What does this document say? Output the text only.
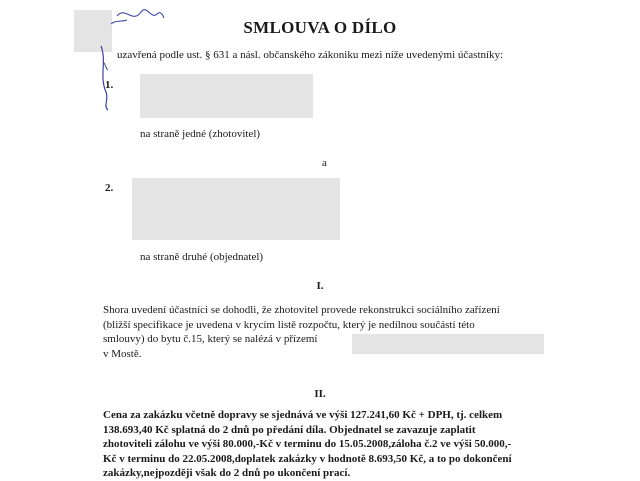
SMLOUVA O DÍLO
uzavřená podle ust. § 631 a násl. občanského zákoniku mezi níže uvedenými účastníky:
1.
na straně jedné (zhotovitel)
a
2.
na straně druhé (objednatel)
I.
Shora uvedení účastníci se dohodli, že zhotovitel provede rekonstrukci sociálního zařízení
(bližší specifikace je uvedena v krycím listě rozpočtu, který je nedílnou součástí této
smlouvy) do bytu č.15, který se nalézá v přízemí
v Mostě.
II.
Cena za zakázku včetně dopravy se sjednává ve výši 127.241,60 Kč + DPH, tj. celkem
138.693,40 Kč splatná do 2 dnů po předání díla. Objednatel se zavazuje zaplatit
zhotoviteli zálohu ve výši 80.000,-Kč v terminu do 15.05.2008,záloha č.2 ve výši 50.000,-
Kč v terminu do 22.05.2008,doplatek zakázky v hodnotě 8.693,50 Kč, a to po dokončení
zakázky,nejpozději však do 2 dnů po ukončení prací.
